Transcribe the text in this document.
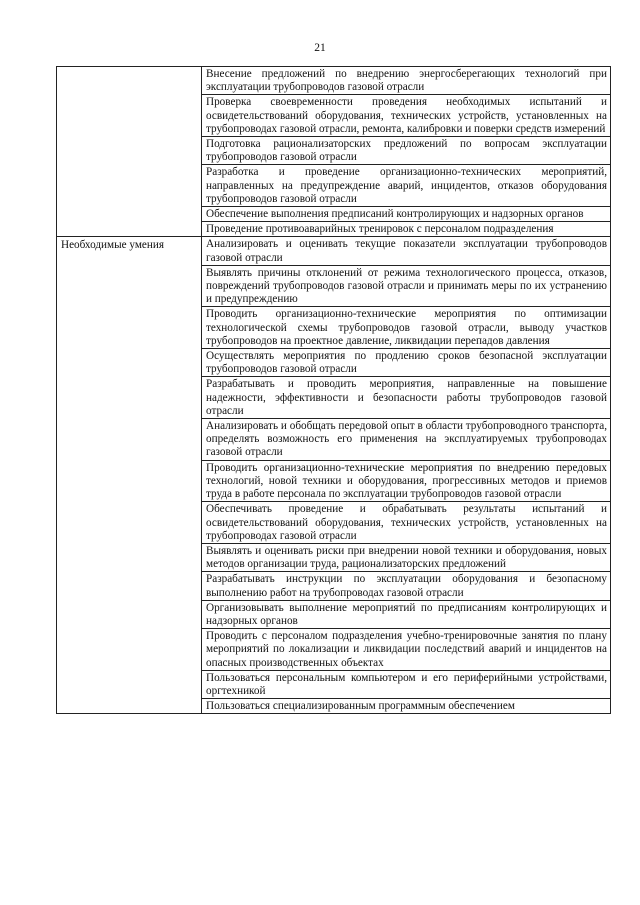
21
	Внесение предложений по внедрению энергосберегающих технологий при эксплуатации трубопроводов газовой отрасли
	Проверка своевременности проведения необходимых испытаний и освидетельствований оборудования, технических устройств, установленных на трубопроводах газовой отрасли, ремонта, калибровки и поверки средств измерений
	Подготовка рационализаторских предложений по вопросам эксплуатации трубопроводов газовой отрасли
	Разработка и проведение организационно-технических мероприятий, направленных на предупреждение аварий, инцидентов, отказов оборудования трубопроводов газовой отрасли
	Обеспечение выполнения предписаний контролирующих и надзорных органов
	Проведение противоаварийных тренировок с персоналом подразделения

Необходимые умения	Анализировать и оценивать текущие показатели эксплуатации трубопроводов газовой отрасли
	Выявлять причины отклонений от режима технологического процесса, отказов, повреждений трубопроводов газовой отрасли и принимать меры по их устранению и предупреждению
	Проводить организационно-технические мероприятия по оптимизации технологической схемы трубопроводов газовой отрасли, выводу участков трубопроводов на проектное давление, ликвидации перепадов давления
	Осуществлять мероприятия по продлению сроков безопасной эксплуатации трубопроводов газовой отрасли
	Разрабатывать и проводить мероприятия, направленные на повышение надежности, эффективности и безопасности работы трубопроводов газовой отрасли
	Анализировать и обобщать передовой опыт в области трубопроводного транспорта, определять возможность его применения на эксплуатируемых трубопроводах газовой отрасли
	Проводить организационно-технические мероприятия по внедрению передовых технологий, новой техники и оборудования, прогрессивных методов и приемов труда в работе персонала по эксплуатации трубопроводов газовой отрасли
	Обеспечивать проведение и обрабатывать результаты испытаний и освидетельствований оборудования, технических устройств, установленных на трубопроводах газовой отрасли
	Выявлять и оценивать риски при внедрении новой техники и оборудования, новых методов организации труда, рационализаторских предложений
	Разрабатывать инструкции по эксплуатации оборудования и безопасному выполнению работ на трубопроводах газовой отрасли
	Организовывать выполнение мероприятий по предписаниям контролирующих и надзорных органов
	Проводить с персоналом подразделения учебно-тренировочные занятия по плану мероприятий по локализации и ликвидации последствий аварий и инцидентов на опасных производственных объектах
	Пользоваться персональным компьютером и его периферийными устройствами, оргтехникой
	Пользоваться специализированным программным обеспечением
